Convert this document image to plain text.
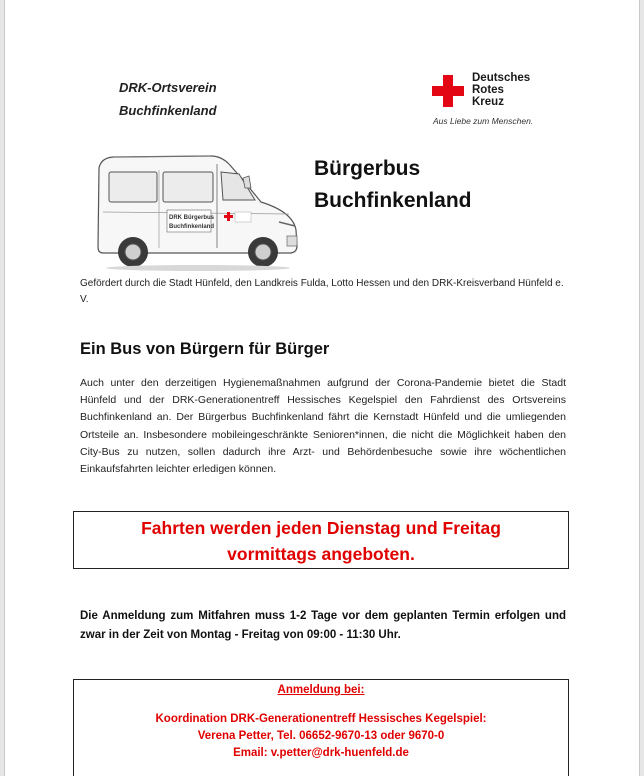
DRK-Ortsverein
Buchfinkenland
Deutsches
Rotes
Kreuz
Aus Liebe zum Menschen.
DRK Bürgerbus
Buchfinkenland
Bürgerbus
Buchfinkenland
Gefördert durch die Stadt Hünfeld, den Landkreis Fulda, Lotto Hessen und den DRK-Kreisverband Hünfeld e. V.
Ein Bus von Bürgern für Bürger
Auch unter den derzeitigen Hygienemaßnahmen aufgrund der Corona-Pandemie bietet die Stadt Hünfeld und der DRK-Generationentreff Hessisches Kegelspiel den Fahrdienst des Ortsvereins Buchfinkenland an. Der Bürgerbus Buchfinkenland fährt die Kernstadt Hünfeld und die umliegenden Ortsteile an. Insbesondere mobileingeschränkte Senioren*innen, die nicht die Möglichkeit haben den City-Bus zu nutzen, sollen dadurch ihre Arzt- und Behördenbesuche sowie ihre wöchentlichen Einkaufsfahrten leichter erledigen können.
Fahrten werden jeden Dienstag und Freitag
vormittags angeboten.
Die Anmeldung zum Mitfahren muss 1-2 Tage vor dem geplanten Termin erfolgen und zwar in der Zeit von Montag - Freitag von 09:00 - 11:30 Uhr.
Anmeldung bei:
Koordination DRK-Generationentreff Hessisches Kegelspiel:
Verena Petter, Tel. 06652-9670-13 oder 9670-0
Email: v.petter@drk-huenfeld.de
